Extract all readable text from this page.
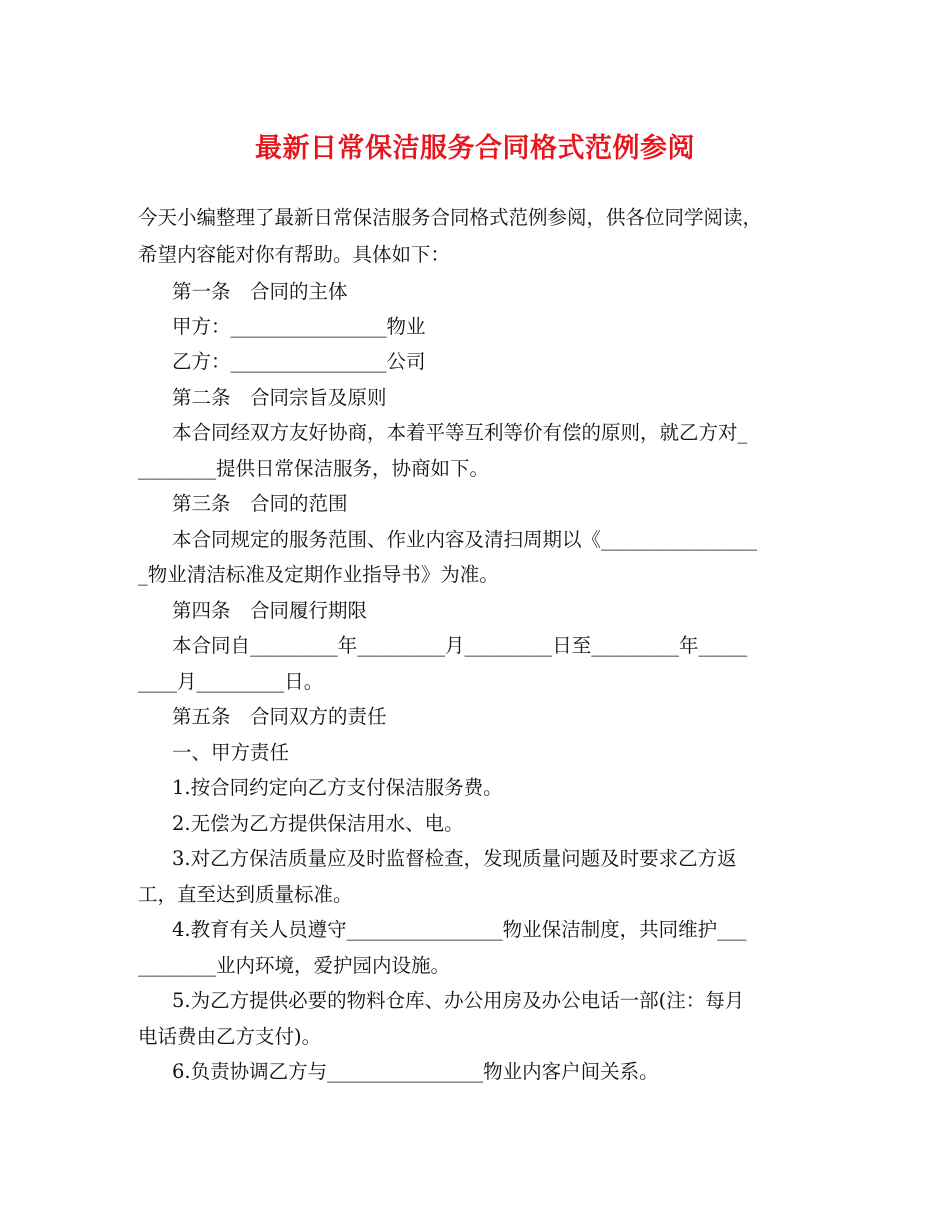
最新日常保洁服务合同格式范例参阅

今天小编整理了最新日常保洁服务合同格式范例参阅，供各位同学阅读，

希望内容能对你有帮助。具体如下：

第一条　合同的主体

甲方：________________物业

乙方：________________公司

第二条　合同宗旨及原则

本合同经双方友好协商，本着平等互利等价有偿的原则，就乙方对_

________提供日常保洁服务，协商如下。

第三条　合同的范围

本合同规定的服务范围、作业内容及清扫周期以《________________

_物业清洁标准及定期作业指导书》为准。

第四条　合同履行期限

本合同自_________年_________月_________日至_________年_____

____月_________日。

第五条　合同双方的责任

一、甲方责任

1.按合同约定向乙方支付保洁服务费。

2.无偿为乙方提供保洁用水、电。

3.对乙方保洁质量应及时监督检查，发现质量问题及时要求乙方返

工，直至达到质量标准。

4.教育有关人员遵守________________物业保洁制度，共同维护___

________业内环境，爱护园内设施。

5.为乙方提供必要的物料仓库、办公用房及办公电话一部(注：每月

电话费由乙方支付)。

6.负责协调乙方与________________物业内客户间关系。
